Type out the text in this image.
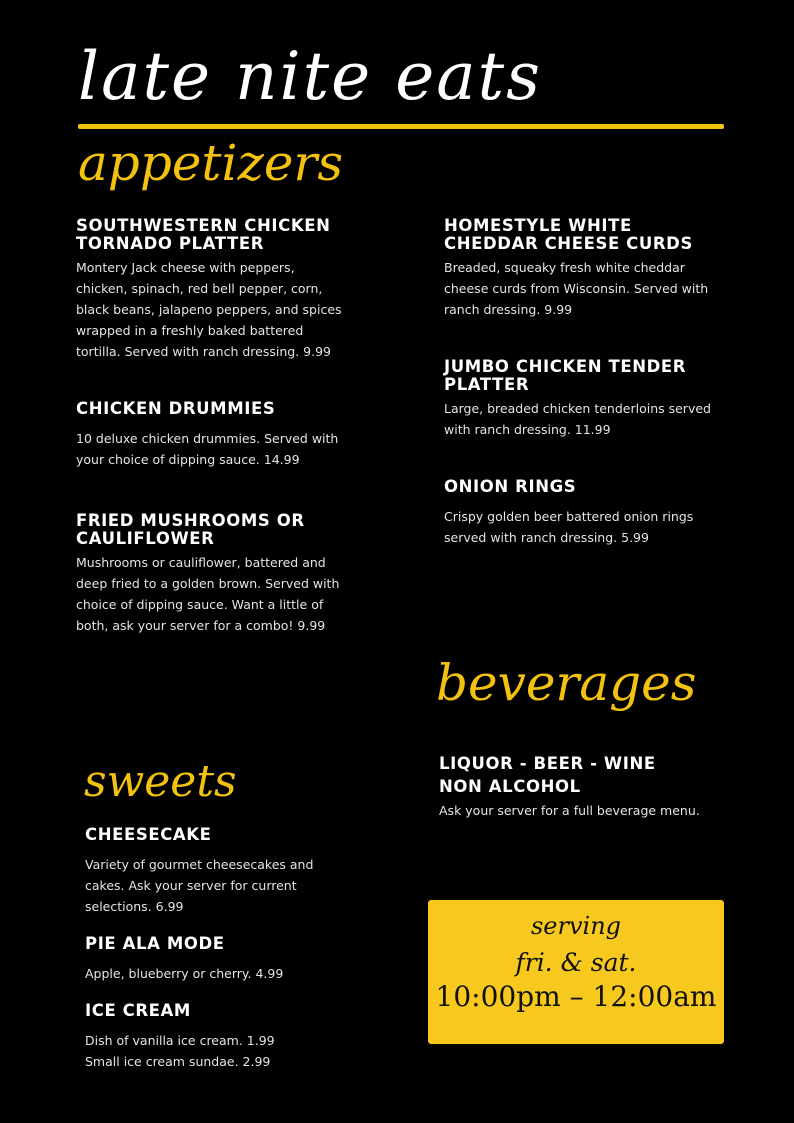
late nite eats
appetizers
SOUTHWESTERN CHICKEN TORNADO PLATTER

Montery Jack cheese with peppers, chicken, spinach, red bell pepper, corn, black beans, jalapeno peppers, and spices wrapped in a freshly baked battered tortilla. Served with ranch dressing. 9.99

CHICKEN DRUMMIES

10 deluxe chicken drummies. Served with your choice of dipping sauce. 14.99

FRIED MUSHROOMS OR CAULIFLOWER

Mushrooms or cauliflower, battered and deep fried to a golden brown. Served with choice of dipping sauce. Want a little of both, ask your server for a combo! 9.99

HOMESTYLE WHITE CHEDDAR CHEESE CURDS

Breaded, squeaky fresh white cheddar cheese curds from Wisconsin. Served with ranch dressing. 9.99

JUMBO CHICKEN TENDER PLATTER

Large, breaded chicken tenderloins served with ranch dressing. 11.99

ONION RINGS

Crispy golden beer battered onion rings served with ranch dressing. 5.99

beverages
LIQUOR - BEER - WINE
NON ALCOHOL

Ask your server for a full beverage menu.

sweets
CHEESECAKE

Variety of gourmet cheesecakes and cakes. Ask your server for current selections. 6.99

PIE ALA MODE

Apple, blueberry or cherry. 4.99

ICE CREAM

Dish of vanilla ice cream. 1.99 Small ice cream sundae. 2.99

serving
fri. & sat.
10:00pm – 12:00am
